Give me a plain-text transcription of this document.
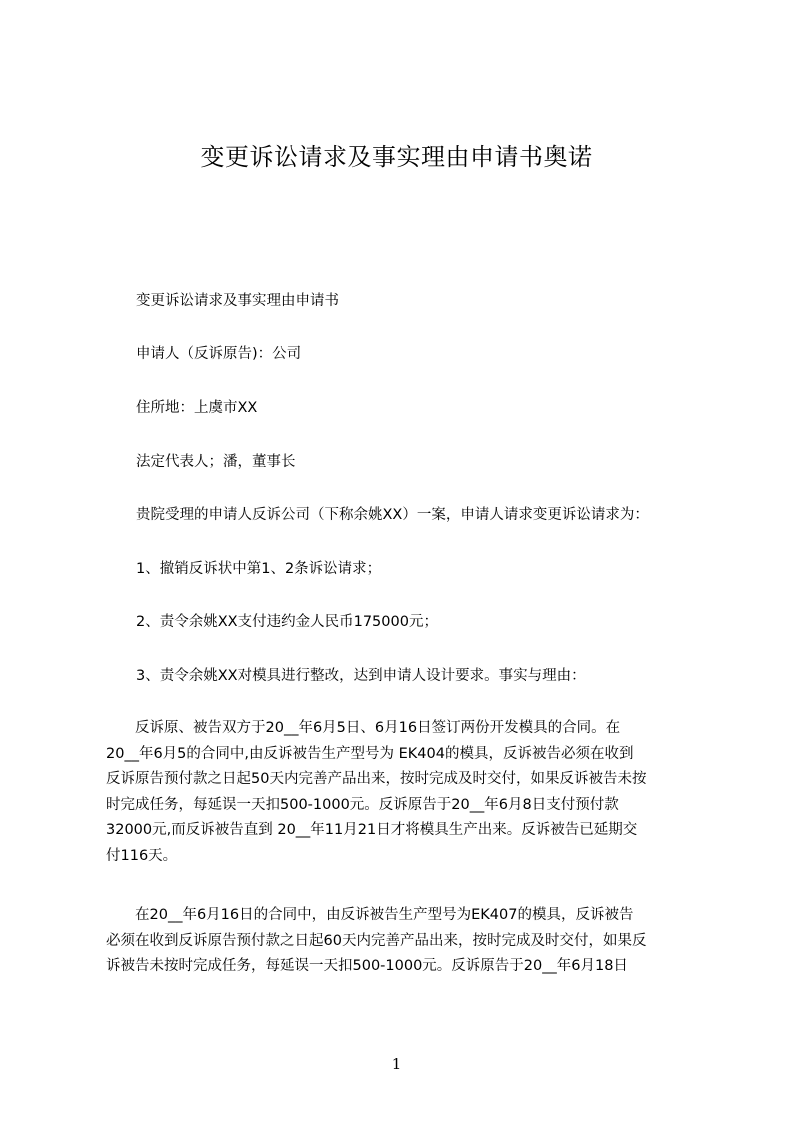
变更诉讼请求及事实理由申请书奥诺
变更诉讼请求及事实理由申请书
申请人（反诉原告)：公司
住所地：上虞市XX
法定代表人；潘，董事长
贵院受理的申请人反诉公司（下称余姚XX）一案，申请人请求变更诉讼请求为：
1、撤销反诉状中第1、2条诉讼请求；
2、责令余姚XX支付违约金人民币175000元；
3、责令余姚XX对模具进行整改，达到申请人设计要求。事实与理由：
　　反诉原、被告双方于20__年6月5日、6月16日签订两份开发模具的合同。在
20__年6月5的合同中,由反诉被告生产型号为 EK404的模具，反诉被告必须在收到
反诉原告预付款之日起50天内完善产品出来，按时完成及时交付，如果反诉被告未按
时完成任务，每延误一天扣500-1000元。反诉原告于20__年6月8日支付预付款
32000元,而反诉被告直到 20__年11月21日才将模具生产出来。反诉被告已延期交
付116天。
　　在20__年6月16日的合同中，由反诉被告生产型号为EK407的模具，反诉被告
必须在收到反诉原告预付款之日起60天内完善产品出来，按时完成及时交付，如果反
诉被告未按时完成任务，每延误一天扣500-1000元。反诉原告于20__年6月18日
1
